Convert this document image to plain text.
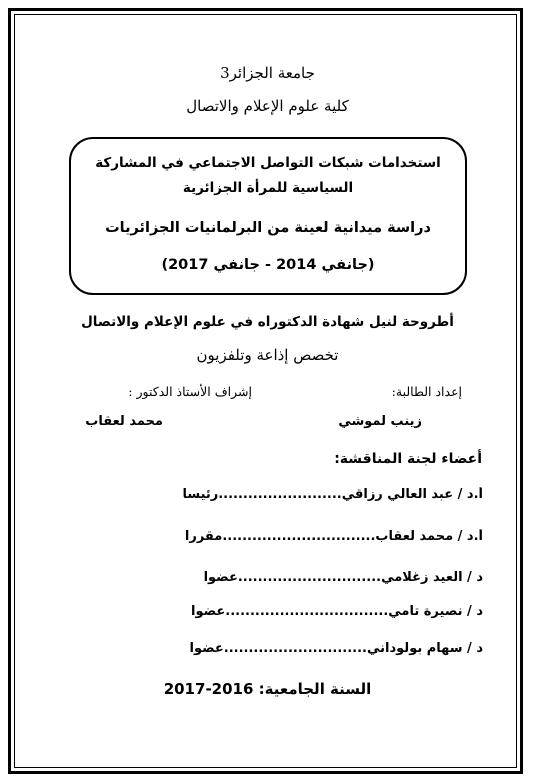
جامعة الجزائر3
كلية علوم الإعلام والاتصال
استخدامات شبكات التواصل الاجتماعي في المشاركة السياسية للمرأة الجزائرية
دراسة ميدانية لعينة من البرلمانيات الجزائريات
(جانفي 2014 - جانفي 2017)
أطروحة لنيل شهادة الدكتوراه في علوم الإعلام والاتصال
تخصص إذاعة وتلفزيون
إعداد الطالبة:
إشراف الأستاذ الدكتور :
زينب لموشي
محمد لعقاب
أعضاء لجنة المناقشة:
أ.د / عبد العالي رزاقي.........................رئيسا
أ.د / محمد لعقاب...............................مقررا
د / العيد زغلامي.............................عضوا
د / نصيرة تامي.................................عضوا
د / سهام بولوداني.............................عضوا
السنة الجامعية: 2016-2017
